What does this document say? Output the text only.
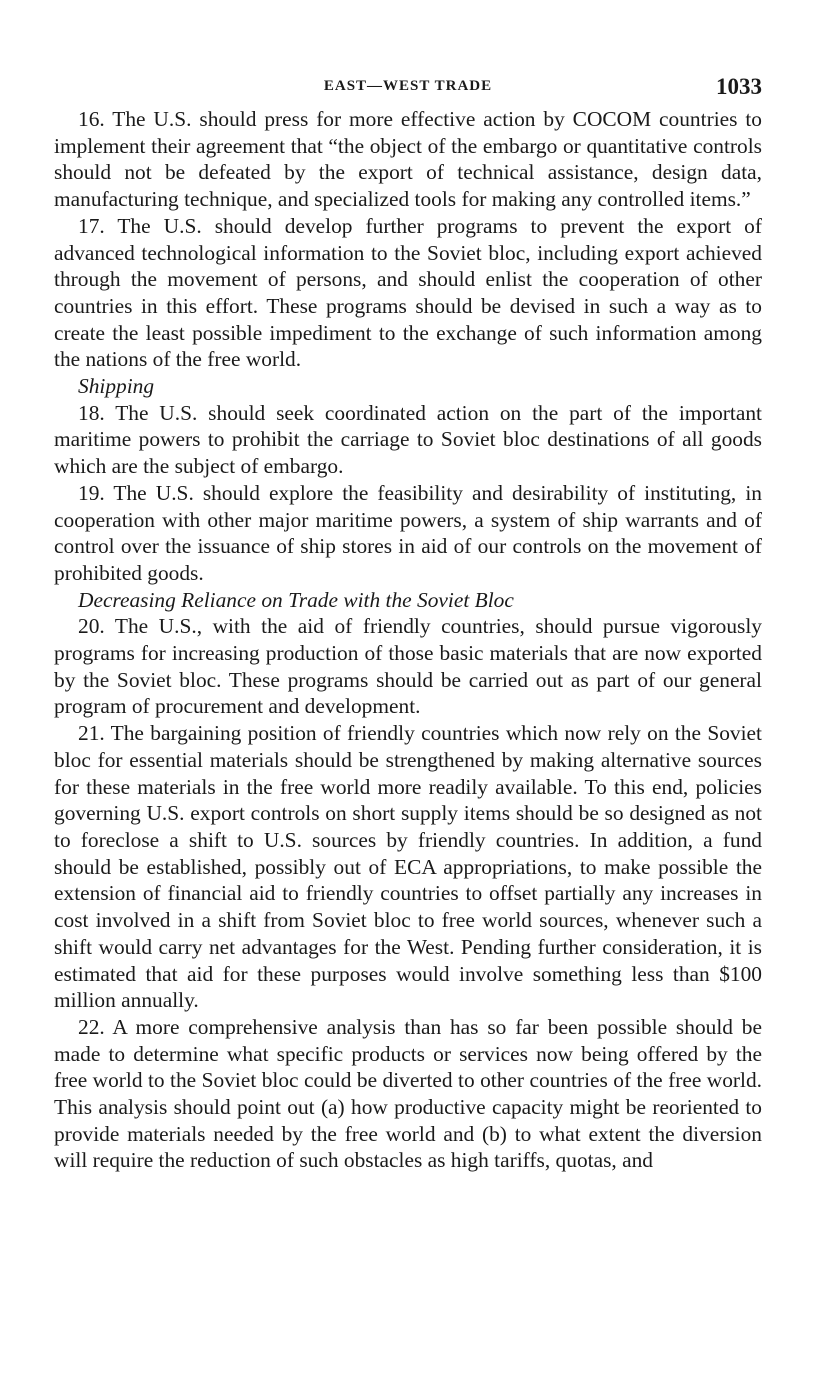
EAST—WEST TRADE	1033

16. The U.S. should press for more effective action by COCOM countries to implement their agreement that “the object of the embargo or quantitative controls should not be defeated by the export of technical assistance, design data, manufacturing technique, and specialized tools for making any controlled items.”

17. The U.S. should develop further programs to prevent the export of advanced technological information to the Soviet bloc, including export achieved through the movement of persons, and should enlist the cooperation of other countries in this effort. These programs should be devised in such a way as to create the least possible impediment to the exchange of such information among the nations of the free world.

Shipping

18. The U.S. should seek coordinated action on the part of the important maritime powers to prohibit the carriage to Soviet bloc destinations of all goods which are the subject of embargo.

19. The U.S. should explore the feasibility and desirability of instituting, in cooperation with other major maritime powers, a system of ship warrants and of control over the issuance of ship stores in aid of our controls on the movement of prohibited goods.

Decreasing Reliance on Trade with the Soviet Bloc

20. The U.S., with the aid of friendly countries, should pursue vigorously programs for increasing production of those basic materials that are now exported by the Soviet bloc. These programs should be carried out as part of our general program of procurement and development.

21. The bargaining position of friendly countries which now rely on the Soviet bloc for essential materials should be strengthened by making alternative sources for these materials in the free world more readily available. To this end, policies governing U.S. export controls on short supply items should be so designed as not to foreclose a shift to U.S. sources by friendly countries. In addition, a fund should be established, possibly out of ECA appropriations, to make possible the extension of financial aid to friendly countries to offset partially any increases in cost involved in a shift from Soviet bloc to free world sources, whenever such a shift would carry net advantages for the West. Pending further consideration, it is estimated that aid for these purposes would involve something less than $100 million annually.

22. A more comprehensive analysis than has so far been possible should be made to determine what specific products or services now being offered by the free world to the Soviet bloc could be diverted to other countries of the free world. This analysis should point out (a) how productive capacity might be reoriented to provide materials needed by the free world and (b) to what extent the diversion will require the reduction of such obstacles as high tariffs, quotas, and
